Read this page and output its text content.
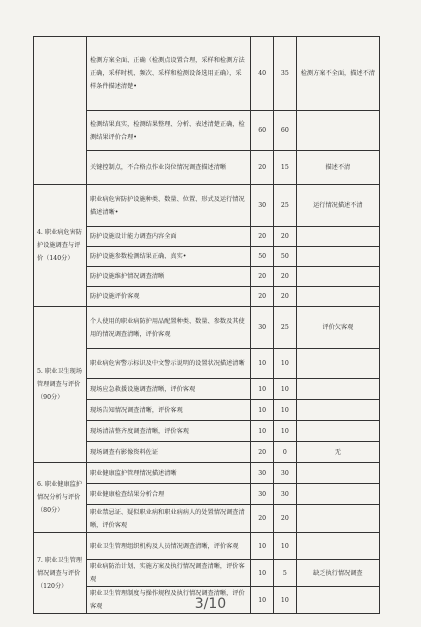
	检测方案全面、正确（检测点设置合理，采样和检测方法正确，采样时机、频次、采样和检测设备选用正确），采样条件描述清楚•	40	35	检测方案不全面，描述不清
	检测结果真实，检测结果整理、分析、表述清楚正确，检测结果评价合理•	60	60	
	关键控制点，不合格点作业岗位情况调查描述清晰	20	15	描述不清
4. 职业病危害防护设施调查与评价（140分）	职业病危害防护设施种类、数量、位置、形式及运行情况描述清晰•	30	25	运行情况描述不清
	防护设施设计能力调查内容全面	20	20	
	防护设施参数检测结果正确、真实•	50	50	
	防护设施维护情况调查清晰	20	20	
	防护设施评价客观	20	20	
5. 职业卫生现场管理调查与评价（90分）	个人使用的职业病防护用品配置种类、数量、参数及其使用的情况调查清晰，评价客观	30	25	评价欠客观
	职业病危害警示标识及中文警示说明的设置状况描述清晰	10	10	
	现场应急救援设施调查清晰，评价客观	10	10	
	现场告知情况调查清晰，评价客观	10	10	
	现场清洁整齐度调查清晰，评价客观	10	10	
	现场调查有影像资料佐证	20	0	无
6. 职业健康监护情况分析与评价（80分）	职业健康监护管理情况描述清晰	30	30	
	职业健康检查结果分析合理	30	30	
	职业禁忌证、疑似职业病和职业病病人的处置情况调查清晰，评价客观	20	20	
7. 职业卫生管理情况调查与评价（120分）	职业卫生管理组织机构及人员情况调查清晰，评价客观	10	10	
	职业病防治计划、实施方案及执行情况调查清晰，评价客观	10	5	缺乏执行情况调查
	职业卫生管理制度与操作规程及执行情况调查清晰，评价客观	10	10	
3/10
